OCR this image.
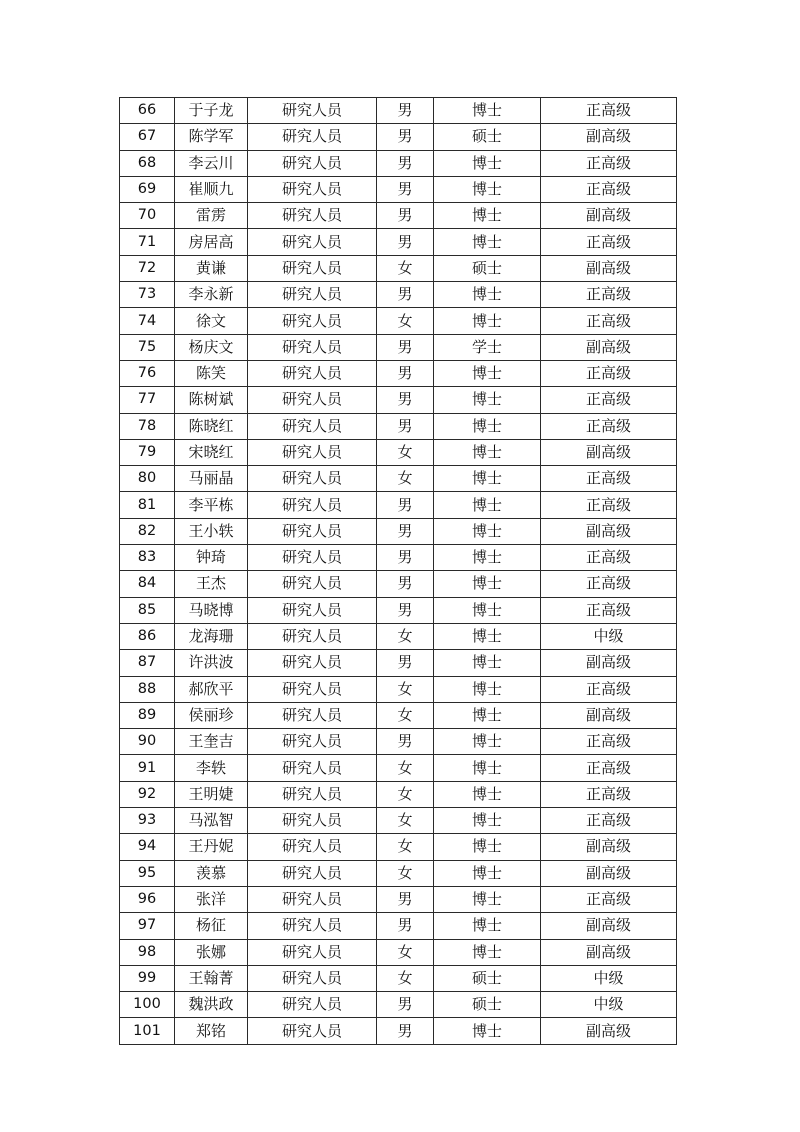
66	于子龙	研究人员	男	博士	正高级
67	陈学军	研究人员	男	硕士	副高级
68	李云川	研究人员	男	博士	正高级
69	崔顺九	研究人员	男	博士	正高级
70	雷雳	研究人员	男	博士	副高级
71	房居高	研究人员	男	博士	正高级
72	黄谦	研究人员	女	硕士	副高级
73	李永新	研究人员	男	博士	正高级
74	徐文	研究人员	女	博士	正高级
75	杨庆文	研究人员	男	学士	副高级
76	陈笑	研究人员	男	博士	正高级
77	陈树斌	研究人员	男	博士	正高级
78	陈晓红	研究人员	男	博士	正高级
79	宋晓红	研究人员	女	博士	副高级
80	马丽晶	研究人员	女	博士	正高级
81	李平栋	研究人员	男	博士	正高级
82	王小轶	研究人员	男	博士	副高级
83	钟琦	研究人员	男	博士	正高级
84	王杰	研究人员	男	博士	正高级
85	马晓博	研究人员	男	博士	正高级
86	龙海珊	研究人员	女	博士	中级
87	许洪波	研究人员	男	博士	副高级
88	郝欣平	研究人员	女	博士	正高级
89	侯丽珍	研究人员	女	博士	副高级
90	王奎吉	研究人员	男	博士	正高级
91	李轶	研究人员	女	博士	正高级
92	王明婕	研究人员	女	博士	正高级
93	马泓智	研究人员	女	博士	正高级
94	王丹妮	研究人员	女	博士	副高级
95	羡慕	研究人员	女	博士	副高级
96	张洋	研究人员	男	博士	正高级
97	杨征	研究人员	男	博士	副高级
98	张娜	研究人员	女	博士	副高级
99	王翰菁	研究人员	女	硕士	中级
100	魏洪政	研究人员	男	硕士	中级
101	郑铭	研究人员	男	博士	副高级
